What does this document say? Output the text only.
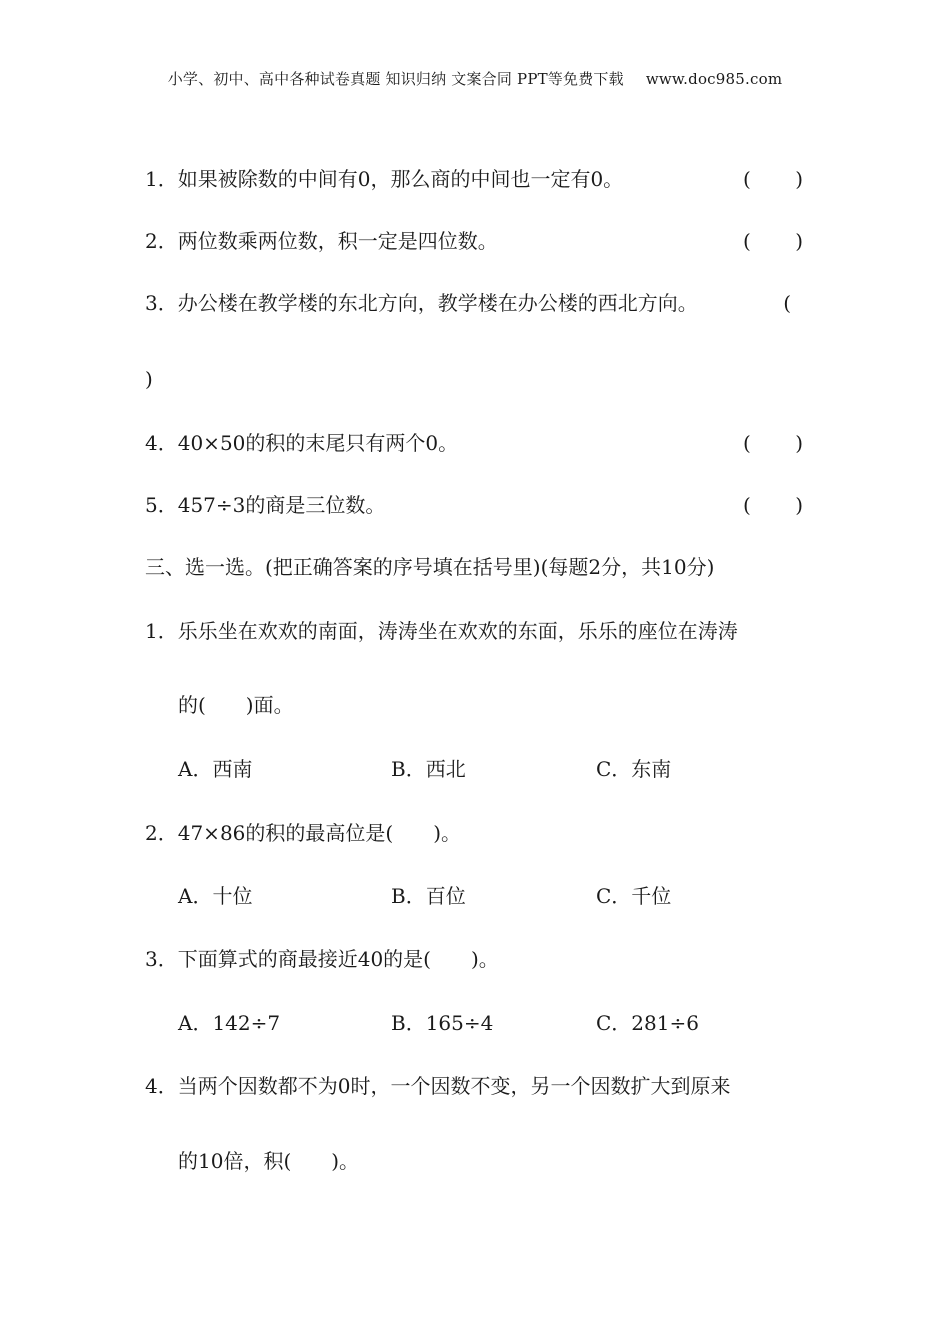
小学、初中、高中各种试卷真题 知识归纳 文案合同 PPT等免费下载 www.doc985.com
1．如果被除数的中间有0，那么商的中间也一定有0。	( )
2．两位数乘两位数，积一定是四位数。	( )
3．办公楼在教学楼的东北方向，教学楼在办公楼的西北方向。	(
)
4．40×50的积的末尾只有两个0。	( )
5．457÷3的商是三位数。	( )
三、选一选。(把正确答案的序号填在括号里)(每题2分，共10分)
1．乐乐坐在欢欢的南面，涛涛坐在欢欢的东面，乐乐的座位在涛涛
的(　　)面。
A．西南	B．西北	C．东南
2．47×86的积的最高位是(　　)。
A．十位	B．百位	C．千位
3．下面算式的商最接近40的是(　　)。
A．142÷7	B．165÷4	C．281÷6
4．当两个因数都不为0时，一个因数不变，另一个因数扩大到原来
的10倍，积(　　)。
